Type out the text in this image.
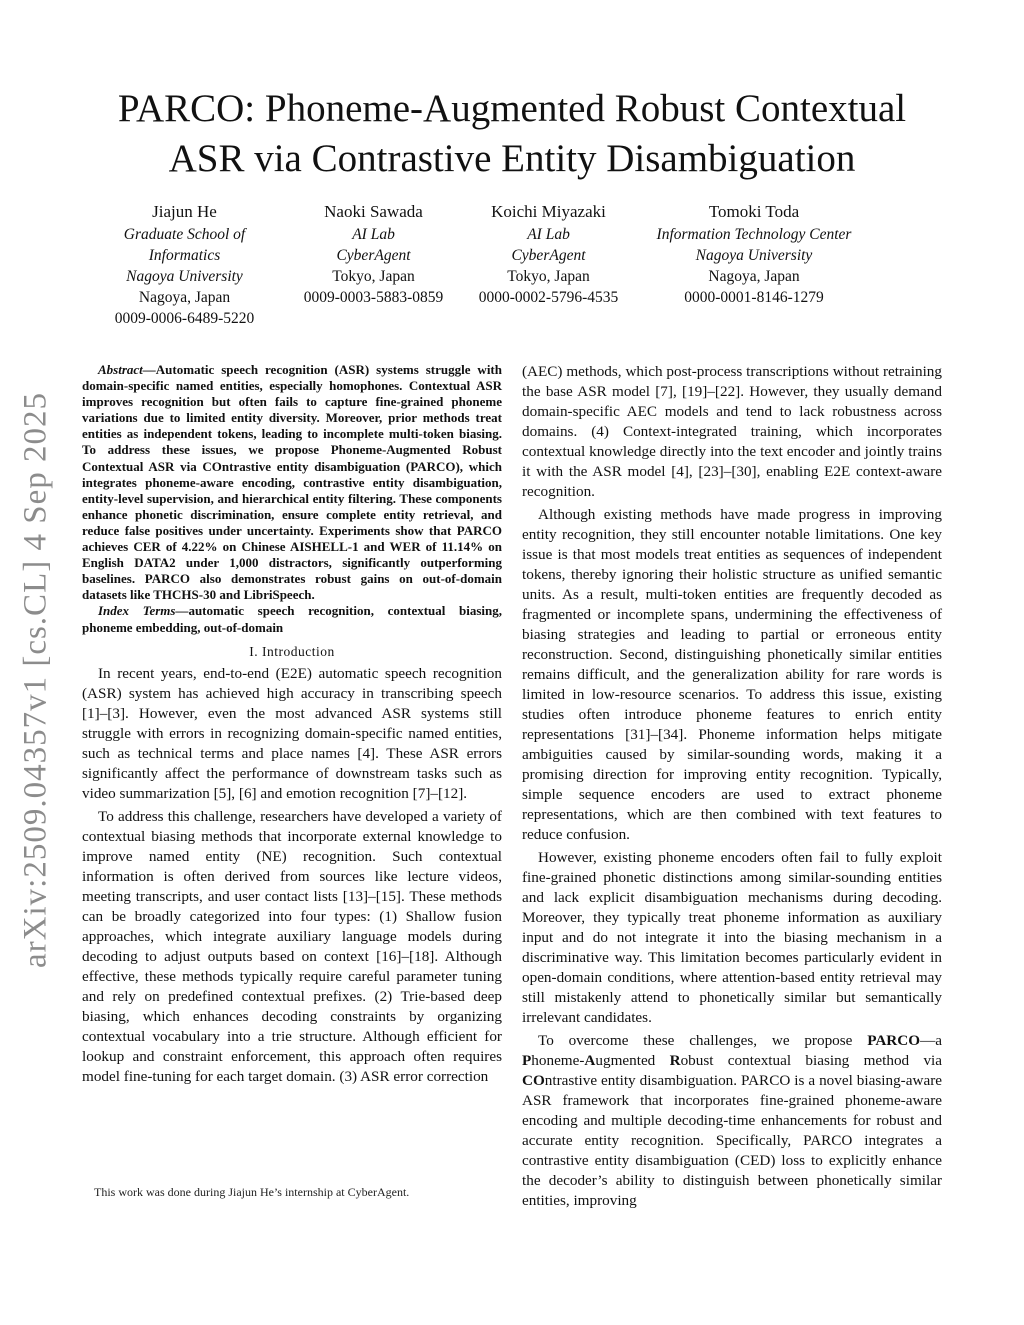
arXiv:2509.04357v1 [cs.CL] 4 Sep 2025
PARCO: Phoneme-Augmented Robust Contextual
ASR via Contrastive Entity Disambiguation
Jiajun He
Graduate School of Informatics
Nagoya University
Nagoya, Japan
0009-0006-6489-5220
Naoki Sawada
AI Lab
CyberAgent
Tokyo, Japan
0009-0003-5883-0859
Koichi Miyazaki
AI Lab
CyberAgent
Tokyo, Japan
0000-0002-5796-4535
Tomoki Toda
Information Technology Center
Nagoya University
Nagoya, Japan
0000-0001-8146-1279

Abstract—Automatic speech recognition (ASR) systems struggle with domain-specific named entities, especially homophones. Contextual ASR improves recognition but often fails to capture fine-grained phoneme variations due to limited entity diversity. Moreover, prior methods treat entities as independent tokens, leading to incomplete multi-token biasing. To address these issues, we propose Phoneme-Augmented Robust Contextual ASR via COntrastive entity disambiguation (PARCO), which integrates phoneme-aware encoding, contrastive entity disambiguation, entity-level supervision, and hierarchical entity filtering. These components enhance phonetic discrimination, ensure complete entity retrieval, and reduce false positives under uncertainty. Experiments show that PARCO achieves CER of 4.22% on Chinese AISHELL-1 and WER of 11.14% on English DATA2 under 1,000 distractors, significantly outperforming baselines. PARCO also demonstrates robust gains on out-of-domain datasets like THCHS-30 and LibriSpeech.

Index Terms—automatic speech recognition, contextual biasing, phoneme embedding, out-of-domain

I. Introduction

In recent years, end-to-end (E2E) automatic speech recognition (ASR) system has achieved high accuracy in transcribing speech [1]–[3]. However, even the most advanced ASR systems still struggle with errors in recognizing domain-specific named entities, such as technical terms and place names [4]. These ASR errors significantly affect the performance of downstream tasks such as video summarization [5], [6] and emotion recognition [7]–[12].

To address this challenge, researchers have developed a variety of contextual biasing methods that incorporate external knowledge to improve named entity (NE) recognition. Such contextual information is often derived from sources like lecture videos, meeting transcripts, and user contact lists [13]–[15]. These methods can be broadly categorized into four types: (1) Shallow fusion approaches, which integrate auxiliary language models during decoding to adjust outputs based on context [16]–[18]. Although effective, these methods typically require careful parameter tuning and rely on predefined contextual prefixes. (2) Trie-based deep biasing, which enhances decoding constraints by organizing contextual vocabulary into a trie structure. Although efficient for lookup and constraint enforcement, this approach often requires model fine-tuning for each target domain. (3) ASR error correction

(AEC) methods, which post-process transcriptions without retraining the base ASR model [7], [19]–[22]. However, they usually demand domain-specific AEC models and tend to lack robustness across domains. (4) Context-integrated training, which incorporates contextual knowledge directly into the text encoder and jointly trains it with the ASR model [4], [23]–[30], enabling E2E context-aware recognition.

Although existing methods have made progress in improving entity recognition, they still encounter notable limitations. One key issue is that most models treat entities as sequences of independent tokens, thereby ignoring their holistic structure as unified semantic units. As a result, multi-token entities are frequently decoded as fragmented or incomplete spans, undermining the effectiveness of biasing strategies and leading to partial or erroneous entity reconstruction. Second, distinguishing phonetically similar entities remains difficult, and the generalization ability for rare words is limited in low-resource scenarios. To address this issue, existing studies often introduce phoneme features to enrich entity representations [31]–[34]. Phoneme information helps mitigate ambiguities caused by similar-sounding words, making it a promising direction for improving entity recognition. Typically, simple sequence encoders are used to extract phoneme representations, which are then combined with text features to reduce confusion.

However, existing phoneme encoders often fail to fully exploit fine-grained phonetic distinctions among similar-sounding entities and lack explicit disambiguation mechanisms during decoding. Moreover, they typically treat phoneme information as auxiliary input and do not integrate it into the biasing mechanism in a discriminative way. This limitation becomes particularly evident in open-domain conditions, where attention-based entity retrieval may still mistakenly attend to phonetically similar but semantically irrelevant candidates.

To overcome these challenges, we propose PARCO—a Phoneme-Augmented Robust contextual biasing method via COntrastive entity disambiguation. PARCO is a novel biasing-aware ASR framework that incorporates fine-grained phoneme-aware encoding and multiple decoding-time enhancements for robust and accurate entity recognition. Specifically, PARCO integrates a contrastive entity disambiguation (CED) loss to explicitly enhance the decoder’s ability to distinguish between phonetically similar entities, improving

This work was done during Jiajun He’s internship at CyberAgent.
